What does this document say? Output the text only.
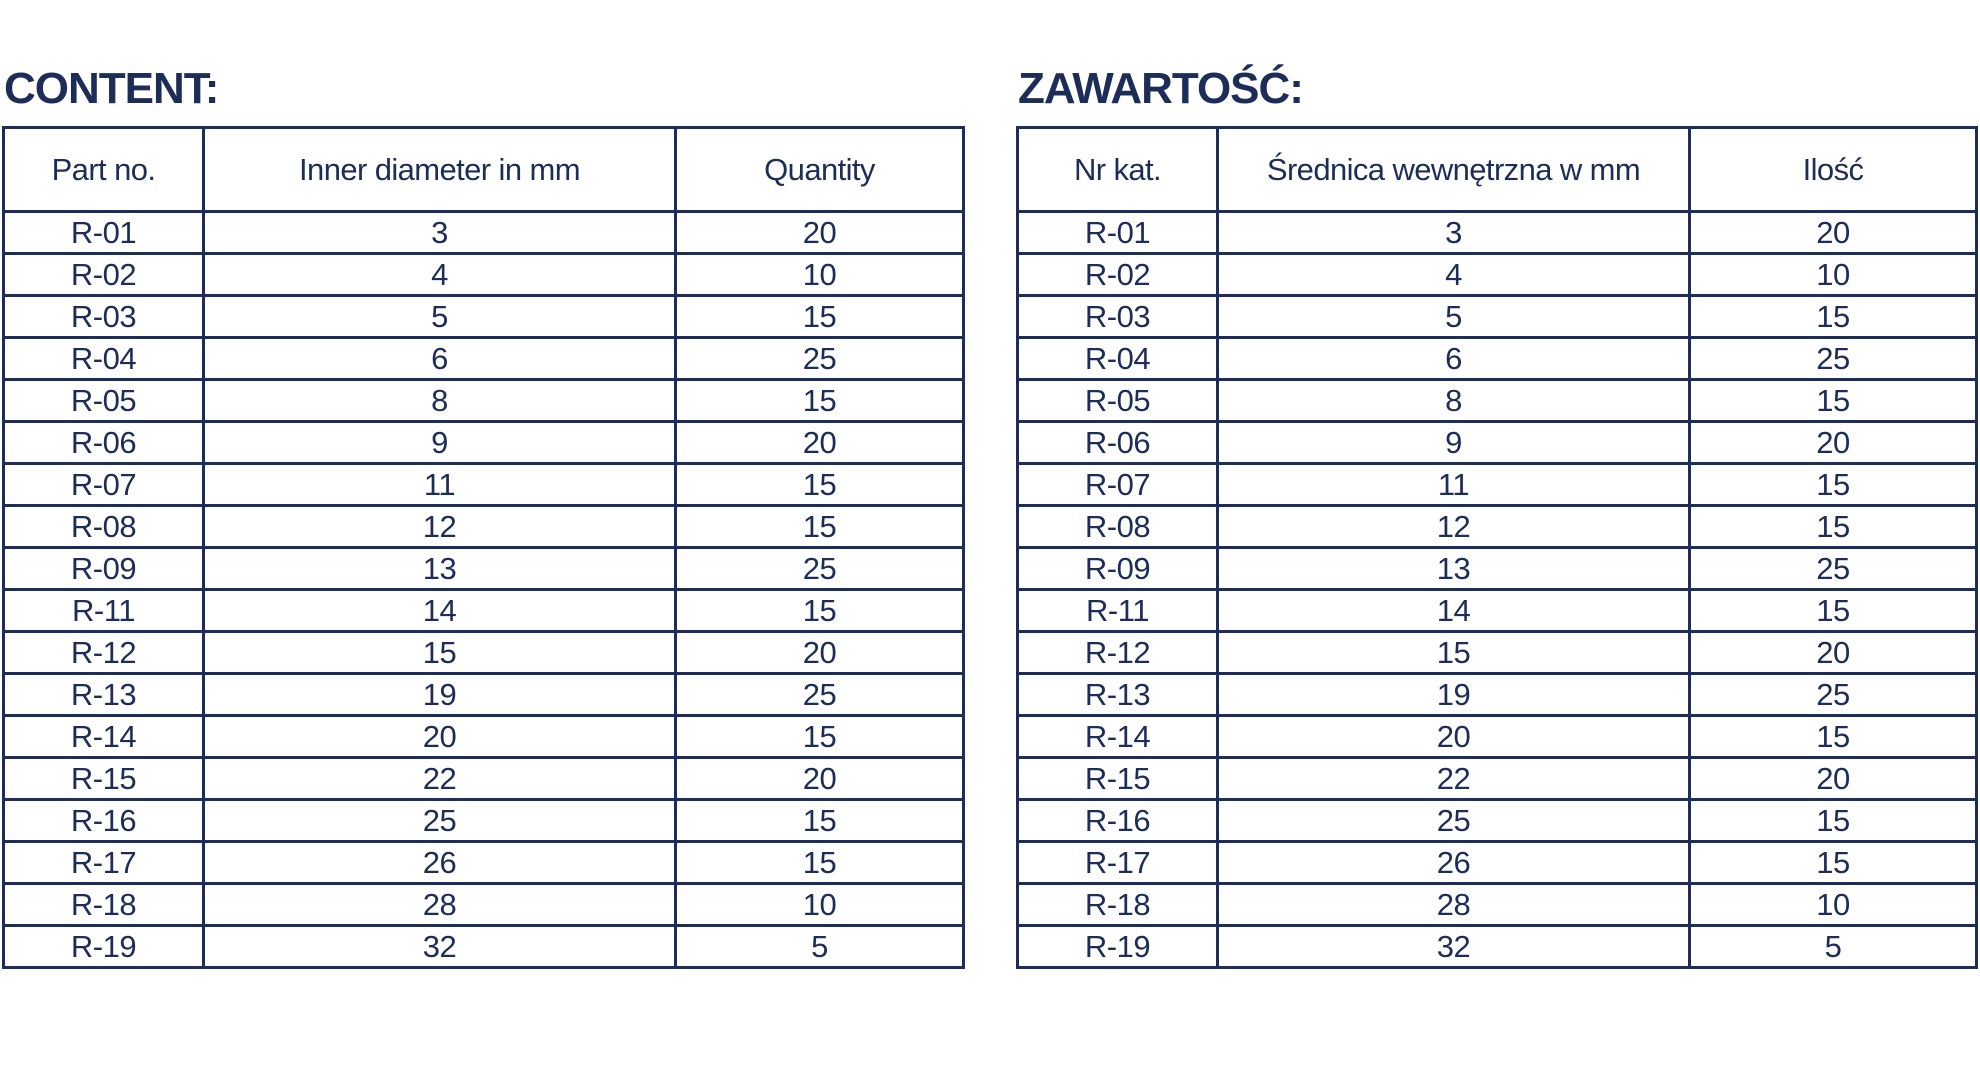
CONTENT:
Part no.	Inner diameter in mm	Quantity
R-01	3	20
R-02	4	10
R-03	5	15
R-04	6	25
R-05	8	15
R-06	9	20
R-07	11	15
R-08	12	15
R-09	13	25
R-11	14	15
R-12	15	20
R-13	19	25
R-14	20	15
R-15	22	20
R-16	25	15
R-17	26	15
R-18	28	10
R-19	32	5
ZAWARTOŚĆ:
Nr kat.	Średnica wewnętrzna w mm	Ilość
R-01	3	20
R-02	4	10
R-03	5	15
R-04	6	25
R-05	8	15
R-06	9	20
R-07	11	15
R-08	12	15
R-09	13	25
R-11	14	15
R-12	15	20
R-13	19	25
R-14	20	15
R-15	22	20
R-16	25	15
R-17	26	15
R-18	28	10
R-19	32	5
